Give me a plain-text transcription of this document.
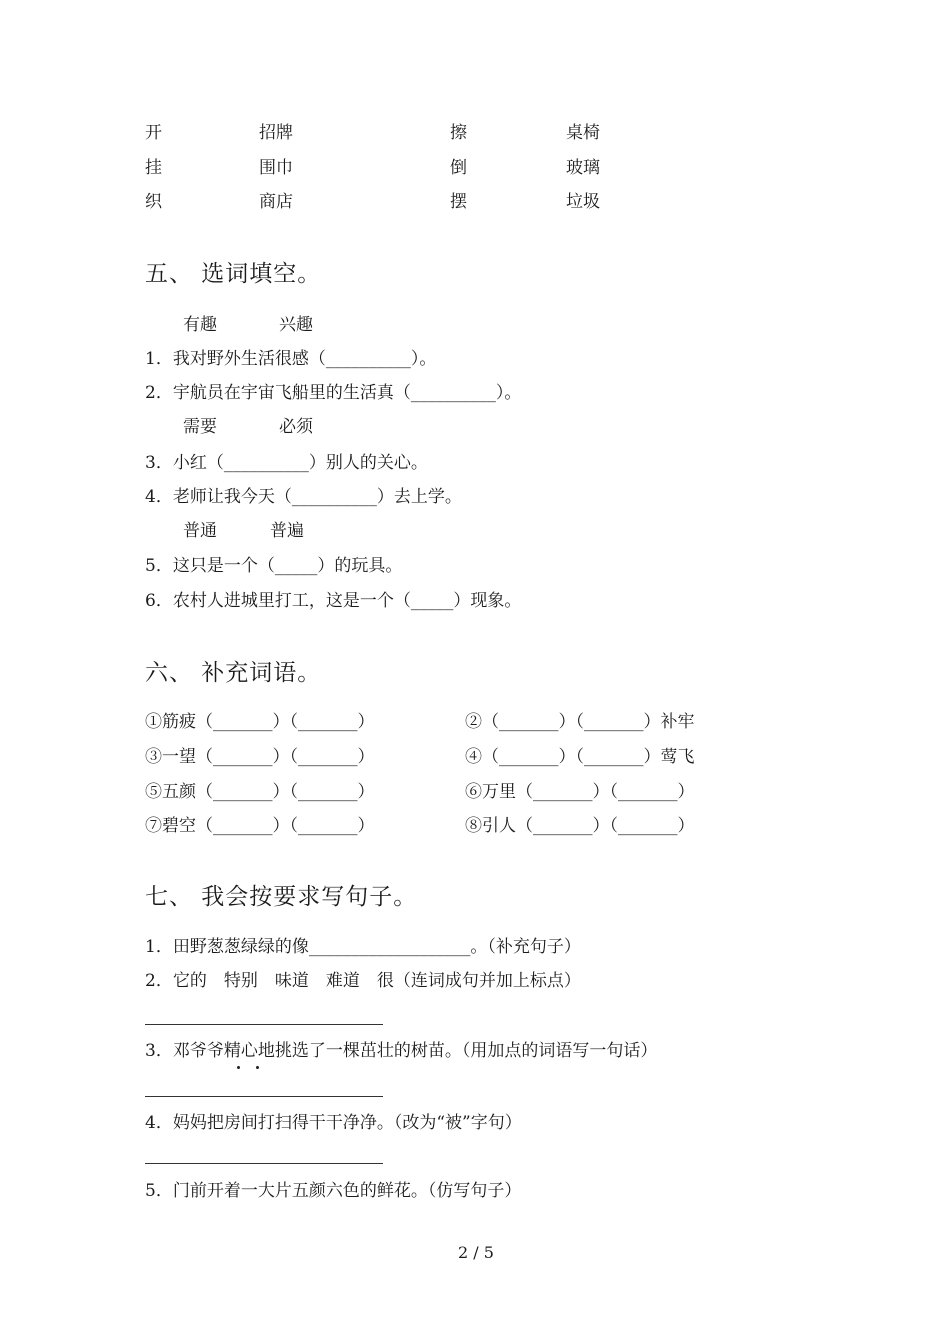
开	招牌	擦	桌椅
挂	围巾	倒	玻璃
织	商店	摆	垃圾
五、 选词填空。
有趣	兴趣
1．我对野外生活很感（__________）。
2．宇航员在宇宙飞船里的生活真（__________）。
需要	必须
3．小红（__________）别人的关心。
4．老师让我今天（__________）去上学。
普通	普遍
5．这只是一个（_____）的玩具。
6．农村人进城里打工，这是一个（_____）现象。
六、 补充词语。
①筋疲（_______）（_______）	②（_______）（_______）补牢
③一望（_______）（_______）	④（_______）（_______）莺飞
⑤五颜（_______）（_______）	⑥万里（_______）（_______）
⑦碧空（_______）（_______）	⑧引人（_______）（_______）
七、 我会按要求写句子。
1．田野葱葱绿绿的像___________________。（补充句子）
2．它的　特别　味道　难道　很（连词成句并加上标点）
3．邓爷爷精心地挑选了一棵茁壮的树苗。（用加点的词语写一句话）
4．妈妈把房间打扫得干干净净。（改为“被”字句）
5．门前开着一大片五颜六色的鲜花。（仿写句子）
2 / 5
